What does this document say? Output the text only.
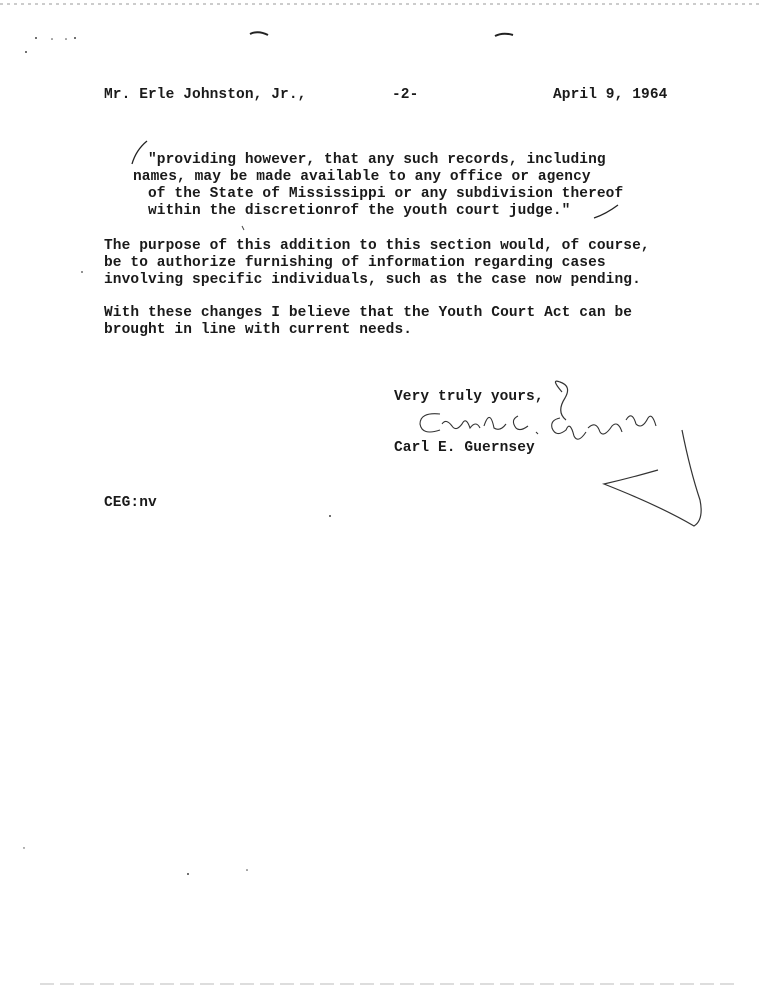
Mr. Erle Johnston, Jr.,	-2-	April 9, 1964
"providing however, that any such records, including
names, may be made available to any office or agency
of the State of Mississippi or any subdivision thereof
within the discretionrof the youth court judge."
The purpose of this addition to this section would, of course,
be to authorize furnishing of information regarding cases
involving specific individuals, such as the case now pending.
With these changes I believe that the Youth Court Act can be
brought in line with current needs.
Very truly yours,
Carl E. Guernsey
CEG:nv
